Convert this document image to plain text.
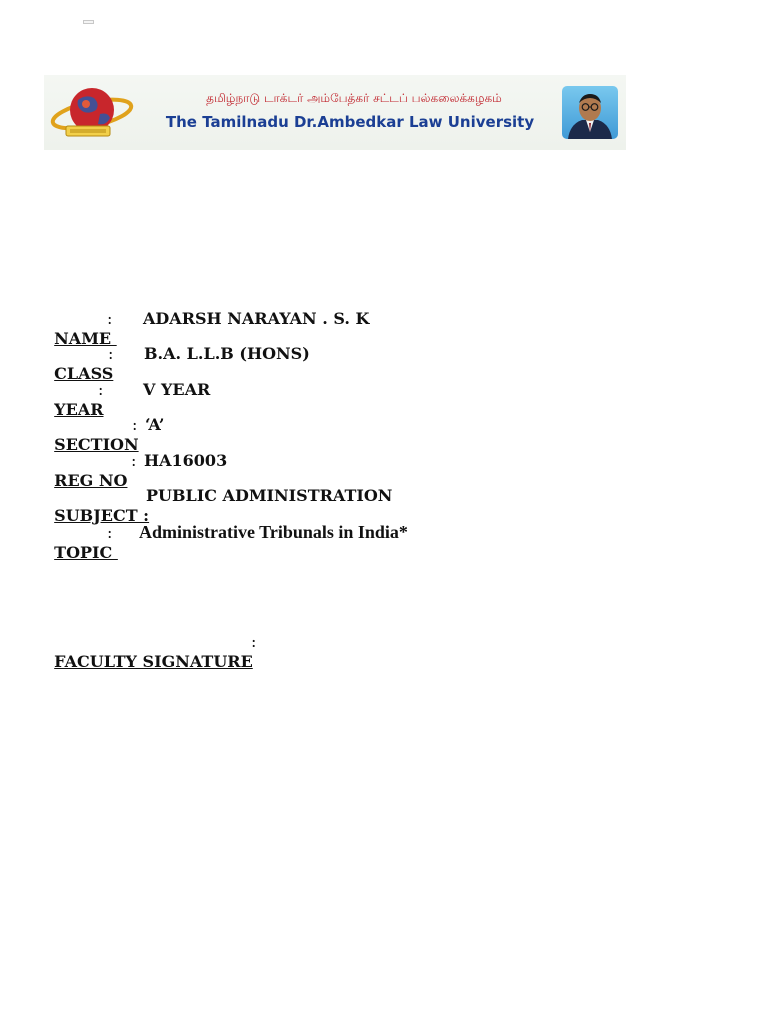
தமிழ்நாடு டாக்டர் அம்பேத்கர் சட்டப் பல்கலைக்கழகம்
The Tamilnadu Dr.Ambedkar Law University

NAME

:

ADARSH NARAYAN . S. K

CLASS

:

B.A. L.L.B (HONS)

YEAR

:

V YEAR

SECTION

:

‘A’

REG NO

:

HA16003

SUBJECT :

PUBLIC ADMINISTRATION

TOPIC

:

Administrative Tribunals in India*

FACULTY SIGNATURE

:
